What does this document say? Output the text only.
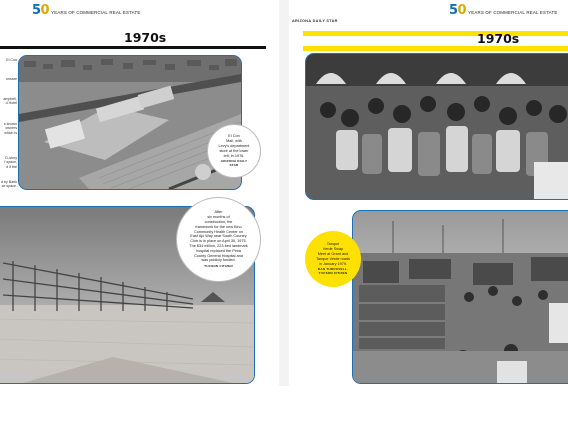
50 YEARS OF COMMERCIAL REAL ESTATE
1970s
El Con
onsare
ampbell,
d Hotel
s known
owners
which is
D-story
f space,
d it the
d by Bank
ce space.
El Con
Mall, with
Levy's department
store at the lower
left, in 1976.
ARIZONA DAILY
STAR
After
six months of
construction, the
framework for the new Kino
Community Health Center on
East Ajo Way near South Country
Club is in place on April 30, 1975.
The $34 million, 223-bed landmark
hospital replaced the Pima
County General Hospital and
was publicly funded.
TUCSON CITIZEN
ARIZONA DAILY STAR
50 YEARS OF COMMERCIAL REAL ESTATE
1970s
Tanque
Verde Swap
Meet at Grant and
Tanque Verde roads
in January 1979.
DAN TURCOVELL,
TUCSON CITIZEN
